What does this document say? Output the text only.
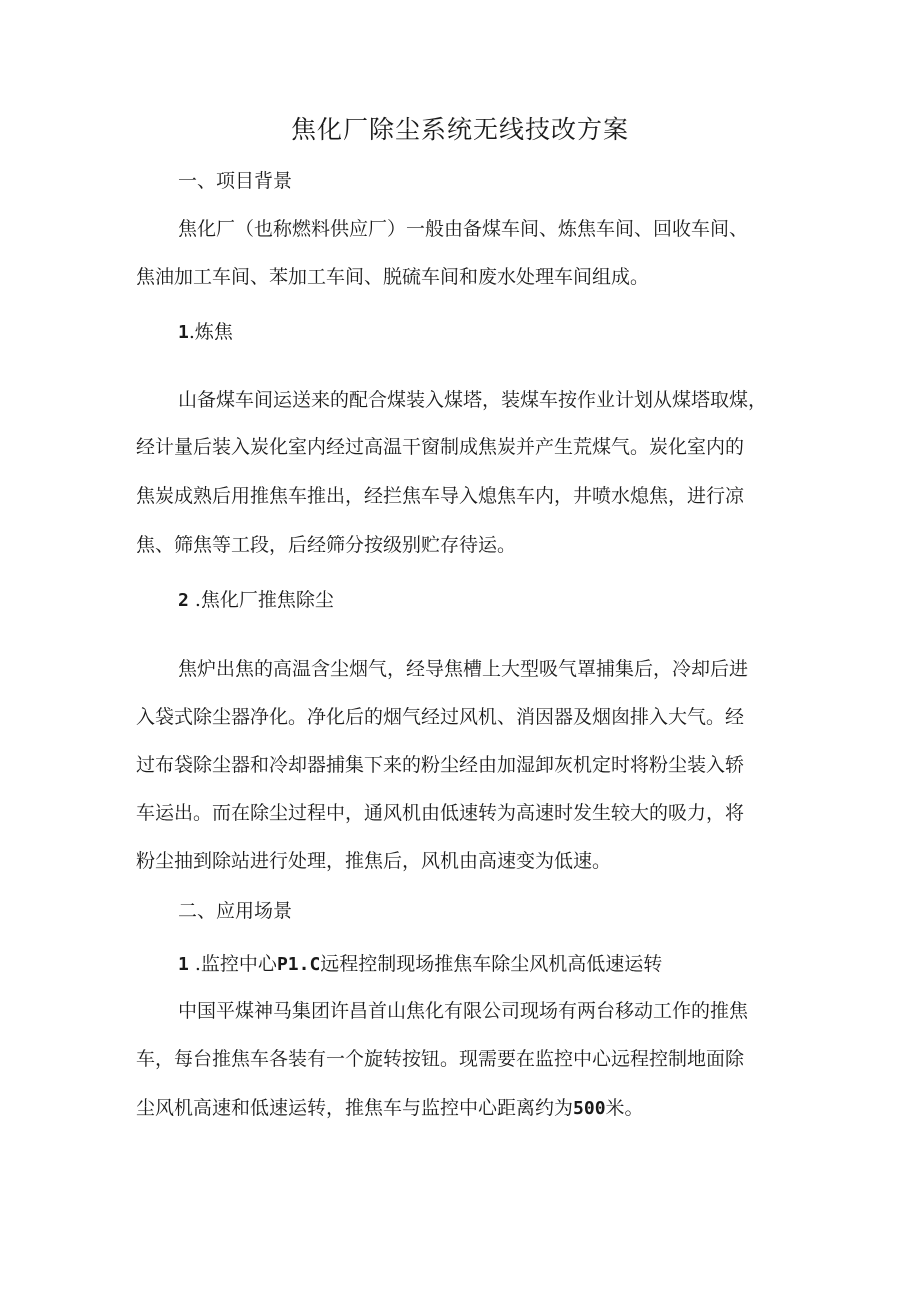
焦化厂除尘系统无线技改方案

一、项目背景

焦化厂（也称燃料供应厂）一般由备煤车间、炼焦车间、回收车间、

焦油加工车间、苯加工车间、脱硫车间和废水处理车间组成。

1.炼焦

山备煤车间运送来的配合煤装入煤塔，装煤车按作业计划从煤塔取煤，

经计量后装入炭化室内经过高温干窗制成焦炭并产生荒煤气。炭化室内的

焦炭成熟后用推焦车推出，经拦焦车导入熄焦车内，井喷水熄焦，进行凉

焦、筛焦等工段，后经筛分按级别贮存待运。

2 .焦化厂推焦除尘

焦炉出焦的高温含尘烟气，经导焦槽上大型吸气罩捕集后，冷却后进

入袋式除尘器净化。净化后的烟气经过风机、消因器及烟囱排入大气。经

过布袋除尘器和冷却器捕集下来的粉尘经由加湿卸灰机定时将粉尘装入轿

车运出。而在除尘过程中，通风机由低速转为高速时发生较大的吸力，将

粉尘抽到除站进行处理，推焦后，风机由高速变为低速。

二、应用场景

1 .监控中心P1.C远程控制现场推焦车除尘风机高低速运转

中国平煤神马集团许昌首山焦化有限公司现场有两台移动工作的推焦

车，每台推焦车各装有一个旋转按钮。现需要在监控中心远程控制地面除

尘风机高速和低速运转，推焦车与监控中心距离约为500米。
